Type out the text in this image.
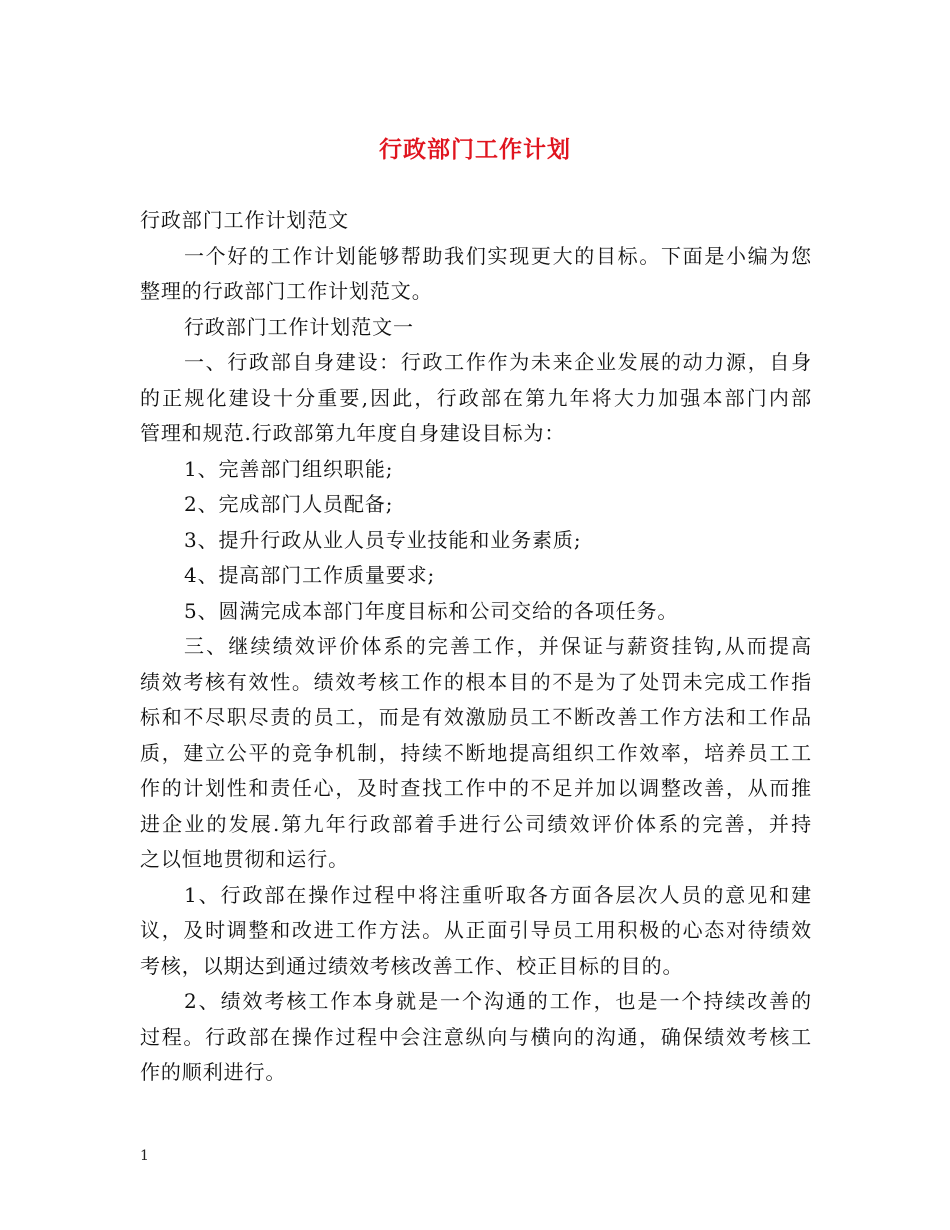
行政部门工作计划
行政部门工作计划范文
一个好的工作计划能够帮助我们实现更大的目标。下面是小编为您
整理的行政部门工作计划范文。
行政部门工作计划范文一
一、行政部自身建设：行政工作作为未来企业发展的动力源，自身
的正规化建设十分重要,因此，行政部在第九年将大力加强本部门内部
管理和规范.行政部第九年度自身建设目标为：
1、完善部门组织职能;
2、完成部门人员配备;
3、提升行政从业人员专业技能和业务素质;
4、提高部门工作质量要求;
5、圆满完成本部门年度目标和公司交给的各项任务。
三、继续绩效评价体系的完善工作，并保证与薪资挂钩,从而提高
绩效考核有效性。绩效考核工作的根本目的不是为了处罚未完成工作指
标和不尽职尽责的员工，而是有效激励员工不断改善工作方法和工作品
质，建立公平的竞争机制，持续不断地提高组织工作效率，培养员工工
作的计划性和责任心，及时查找工作中的不足并加以调整改善，从而推
进企业的发展.第九年行政部着手进行公司绩效评价体系的完善，并持
之以恒地贯彻和运行。
1、行政部在操作过程中将注重听取各方面各层次人员的意见和建
议，及时调整和改进工作方法。从正面引导员工用积极的心态对待绩效
考核，以期达到通过绩效考核改善工作、校正目标的目的。
2、绩效考核工作本身就是一个沟通的工作，也是一个持续改善的
过程。行政部在操作过程中会注意纵向与横向的沟通，确保绩效考核工
作的顺利进行。
1
